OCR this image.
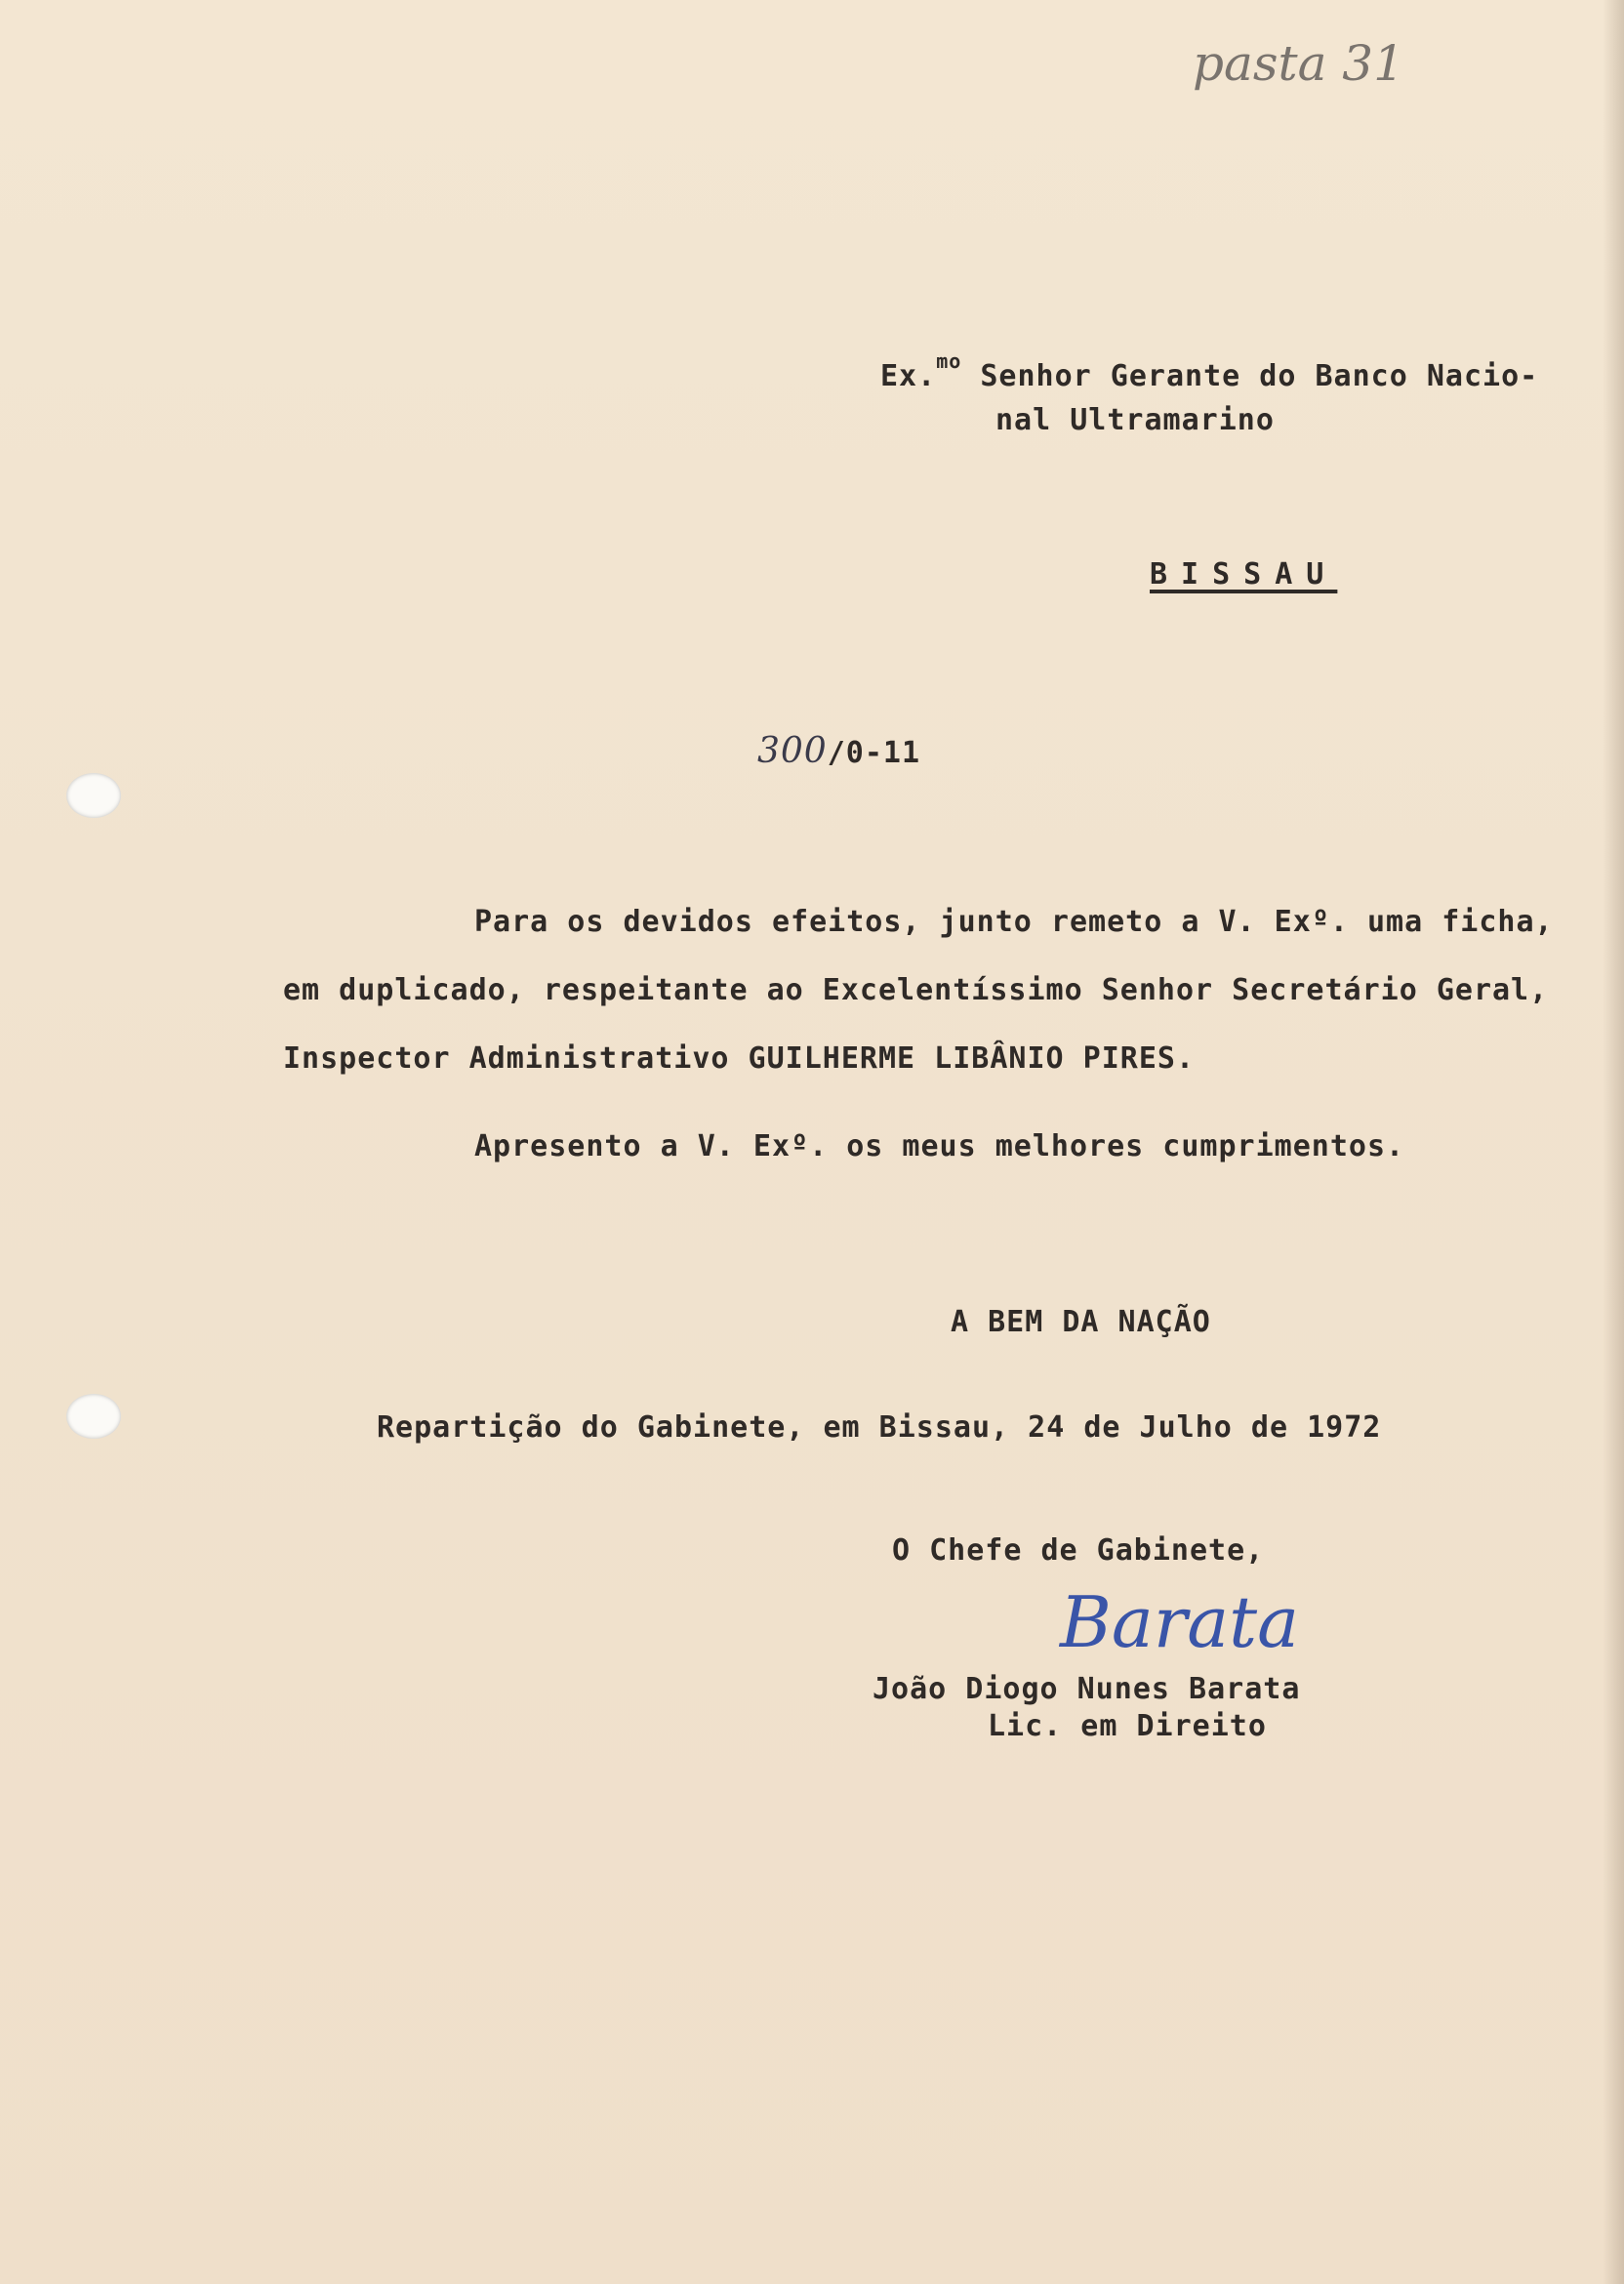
pasta 31
Ex.$^{mo}$ Senhor Gerante do Banco Nacio-
nal Ultramarino
BISSAU
300/0-11
Para os devidos efeitos, junto remeto a V. Exº. uma ficha,
em duplicado, respeitante ao Excelentíssimo Senhor Secretário Geral,
Inspector Administrativo GUILHERME LIBÂNIO PIRES.
Apresento a V. Exº. os meus melhores cumprimentos.
A BEM DA NAÇÃO
Repartição do Gabinete, em Bissau, 24 de Julho de 1972
O Chefe de Gabinete,
Barata
João Diogo Nunes Barata
Lic. em Direito
